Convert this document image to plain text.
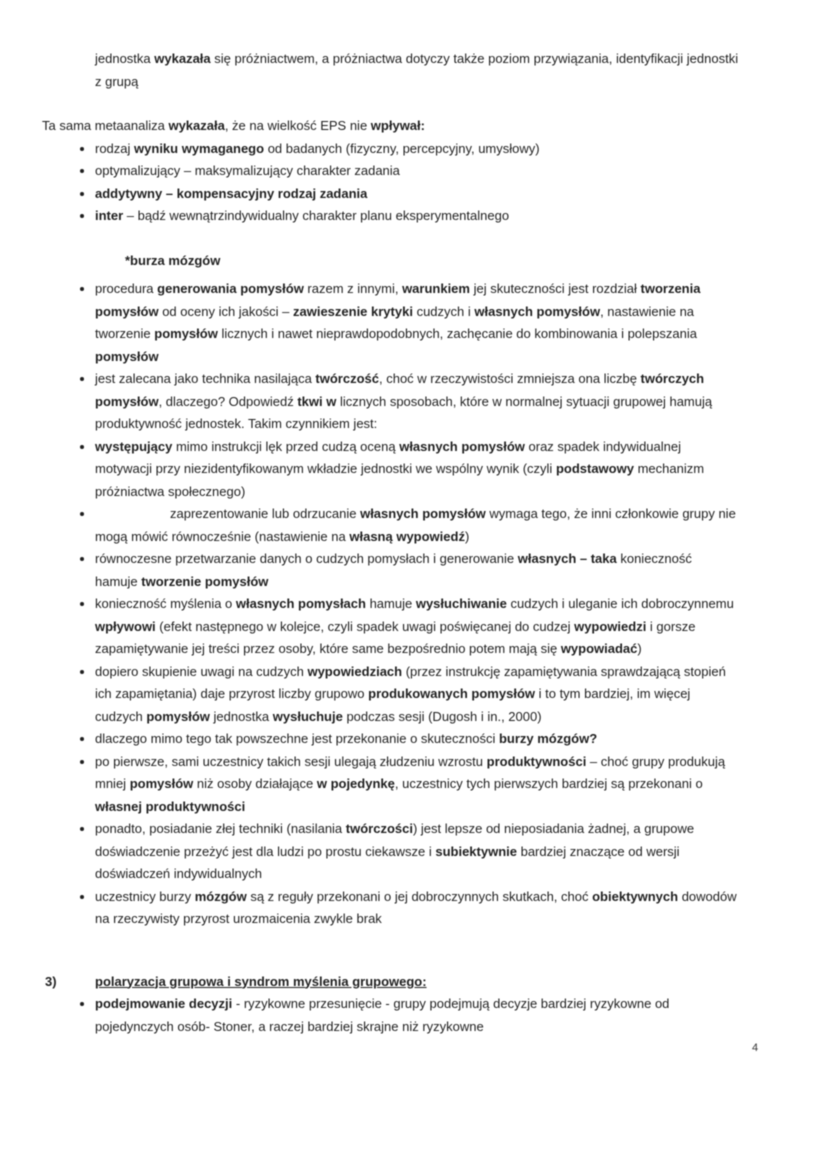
jednostka wykazała się próżniactwem, a próżniactwa dotyczy także poziom przywiązania, identyfikacji jednostki z grupą

Ta sama metaanaliza wykazała, że na wielkość EPS nie wpływał:

• rodzaj wyniku wymaganego od badanych (fizyczny, percepcyjny, umysłowy)
• optymalizujący – maksymalizujący charakter zadania
• addytywny – kompensacyjny rodzaj zadania
• inter – bądź wewnątrzindywidualny charakter planu eksperymentalnego
*burza mózgów
• procedura generowania pomysłów razem z innymi, warunkiem jej skuteczności jest rozdział tworzenia pomysłów od oceny ich jakości – zawieszenie krytyki cudzych i własnych pomysłów, nastawienie na tworzenie pomysłów licznych i nawet nieprawdopodobnych, zachęcanie do kombinowania i polepszania pomysłów
• jest zalecana jako technika nasilająca twórczość, choć w rzeczywistości zmniejsza ona liczbę twórczych pomysłów, dlaczego? Odpowiedź tkwi w licznych sposobach, które w normalnej sytuacji grupowej hamują produktywność jednostek. Takim czynnikiem jest:
• występujący mimo instrukcji lęk przed cudzą oceną własnych pomysłów oraz spadek indywidualnej motywacji przy niezidentyfikowanym wkładzie jednostki we wspólny wynik (czyli podstawowy mechanizm próżniactwa społecznego)
• zaprezentowanie lub odrzucanie własnych pomysłów wymaga tego, że inni członkowie grupy nie mogą mówić równocześnie (nastawienie na własną wypowiedź)
• równoczesne przetwarzanie danych o cudzych pomysłach i generowanie własnych – taka konieczność hamuje tworzenie pomysłów
• konieczność myślenia o własnych pomysłach hamuje wysłuchiwanie cudzych i uleganie ich dobroczynnemu wpływowi (efekt następnego w kolejce, czyli spadek uwagi poświęcanej do cudzej wypowiedzi i gorsze zapamiętywanie jej treści przez osoby, które same bezpośrednio potem mają się wypowiadać)
• dopiero skupienie uwagi na cudzych wypowiedziach (przez instrukcję zapamiętywania sprawdzającą stopień ich zapamiętania) daje przyrost liczby grupowo produkowanych pomysłów i to tym bardziej, im więcej cudzych pomysłów jednostka wysłuchuje podczas sesji (Dugosh i in., 2000)
• dlaczego mimo tego tak powszechne jest przekonanie o skuteczności burzy mózgów?
• po pierwsze, sami uczestnicy takich sesji ulegają złudzeniu wzrostu produktywności – choć grupy produkują mniej pomysłów niż osoby działające w pojedynkę, uczestnicy tych pierwszych bardziej są przekonani o własnej produktywności
• ponadto, posiadanie złej techniki (nasilania twórczości) jest lepsze od nieposiadania żadnej, a grupowe doświadczenie przeżyć jest dla ludzi po prostu ciekawsze i subiektywnie bardziej znaczące od wersji doświadczeń indywidualnych
• uczestnicy burzy mózgów są z reguły przekonani o jej dobroczynnych skutkach, choć obiektywnych dowodów na rzeczywisty przyrost urozmaicenia zwykle brak
3)	polaryzacja grupowa i syndrom myślenia grupowego:
• podejmowanie decyzji - ryzykowne przesunięcie - grupy podejmują decyzje bardziej ryzykowne od pojedynczych osób- Stoner, a raczej bardziej skrajne niż ryzykowne
4
